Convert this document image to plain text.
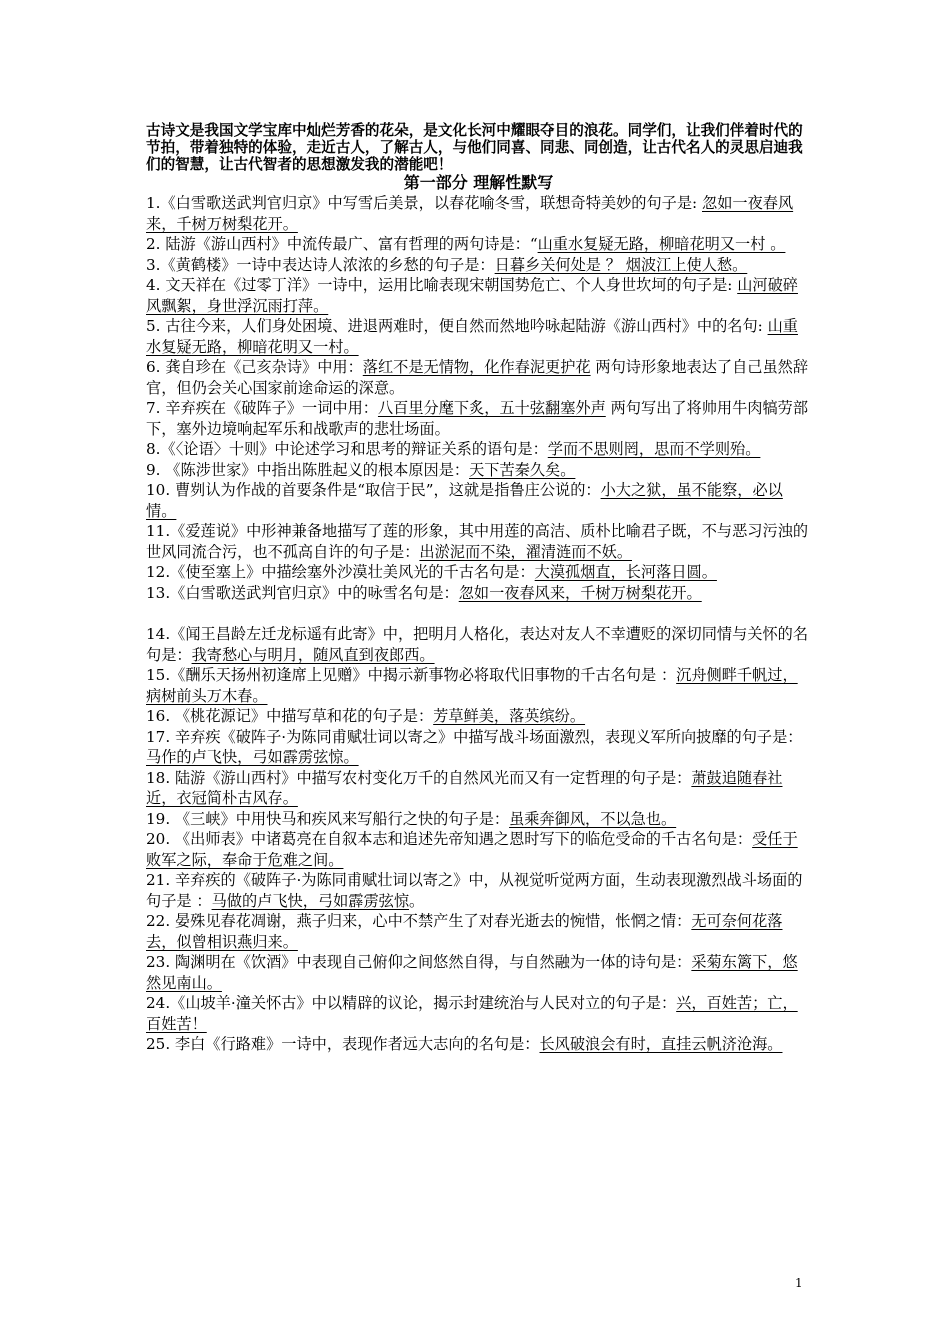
古诗文是我国文学宝库中灿烂芳香的花朵，是文化长河中耀眼夺目的浪花。同学们，让我们伴着时代的节拍，带着独特的体验，走近古人，了解古人，与他们同喜、同悲、同创造，让古代名人的灵思启迪我们的智慧，让古代智者的思想激发我的潜能吧！

第一部分 理解性默写

1.《白雪歌送武判官归京》中写雪后美景，以春花喻冬雪，联想奇特美妙的句子是: 忽如一夜春风来，千树万树梨花开。

2. 陆游《游山西村》中流传最广、富有哲理的两句诗是：“山重水复疑无路，柳暗花明又一村 。

3.《黄鹤楼》一诗中表达诗人浓浓的乡愁的句子是：日暮乡关何处是 ？ 烟波江上使人愁。

4. 文天祥在《过零丁洋》一诗中，运用比喻表现宋朝国势危亡、个人身世坎坷的句子是: 山河破碎风飘絮，身世浮沉雨打萍。

5. 古往今来，人们身处困境、进退两难时，便自然而然地吟咏起陆游《游山西村》中的名句: 山重水复疑无路，柳暗花明又一村。

6. 龚自珍在《己亥杂诗》中用：落红不是无情物，化作春泥更护花 两句诗形象地表达了自己虽然辞官，但仍会关心国家前途命运的深意。

7. 辛弃疾在《破阵子》一词中用：八百里分麾下炙，五十弦翻塞外声 两句写出了将帅用牛肉犒劳部下，塞外边境响起军乐和战歌声的悲壮场面。

8.《〈论语〉十则》中论述学习和思考的辩证关系的语句是：学而不思则罔，思而不学则殆。

9. 《陈涉世家》中指出陈胜起义的根本原因是：天下苦秦久矣。

10. 曹刿认为作战的首要条件是“取信于民”，这就是指鲁庄公说的：小大之狱，虽不能察，必以情。

11.《爱莲说》中形神兼备地描写了莲的形象，其中用莲的高洁、质朴比喻君子既，不与恶习污浊的世风同流合污，也不孤高自许的句子是：出淤泥而不染，濯清涟而不妖。

12.《使至塞上》中描绘塞外沙漠壮美风光的千古名句是：大漠孤烟直，长河落日圆。

13.《白雪歌送武判官归京》中的咏雪名句是：忽如一夜春风来，千树万树梨花开。

14.《闻王昌龄左迁龙标遥有此寄》中，把明月人格化，表达对友人不幸遭贬的深切同情与关怀的名句是：我寄愁心与明月，随风直到夜郎西。

15.《酬乐天扬州初逢席上见赠》中揭示新事物必将取代旧事物的千古名句是 ：沉舟侧畔千帆过，病树前头万木春。

16. 《桃花源记》中描写草和花的句子是：芳草鲜美，落英缤纷。

17. 辛弃疾《破阵子·为陈同甫赋壮词以寄之》中描写战斗场面激烈，表现义军所向披靡的句子是：马作的卢飞快，弓如霹雳弦惊。

18. 陆游《游山西村》中描写农村变化万千的自然风光而又有一定哲理的句子是：萧鼓追随春社近，衣冠简朴古风存。

19. 《三峡》中用快马和疾风来写船行之快的句子是：虽乘奔御风，不以急也。

20. 《出师表》中诸葛亮在自叙本志和追述先帝知遇之恩时写下的临危受命的千古名句是：受任于败军之际，奉命于危难之间。

21. 辛弃疾的《破阵子·为陈同甫赋壮词以寄之》中，从视觉听觉两方面，生动表现激烈战斗场面的句子是 ：马做的卢飞快，弓如霹雳弦惊。

22. 晏殊见春花凋谢，燕子归来，心中不禁产生了对春光逝去的惋惜，怅惘之情：无可奈何花落去，似曾相识燕归来。

23. 陶渊明在《饮酒》中表现自己俯仰之间悠然自得，与自然融为一体的诗句是：采菊东篱下，悠然见南山。

24.《山坡羊·潼关怀古》中以精辟的议论，揭示封建统治与人民对立的句子是：兴，百姓苦；亡，百姓苦！

25. 李白《行路难》一诗中，表现作者远大志向的名句是：长风破浪会有时，直挂云帆济沧海。

1
